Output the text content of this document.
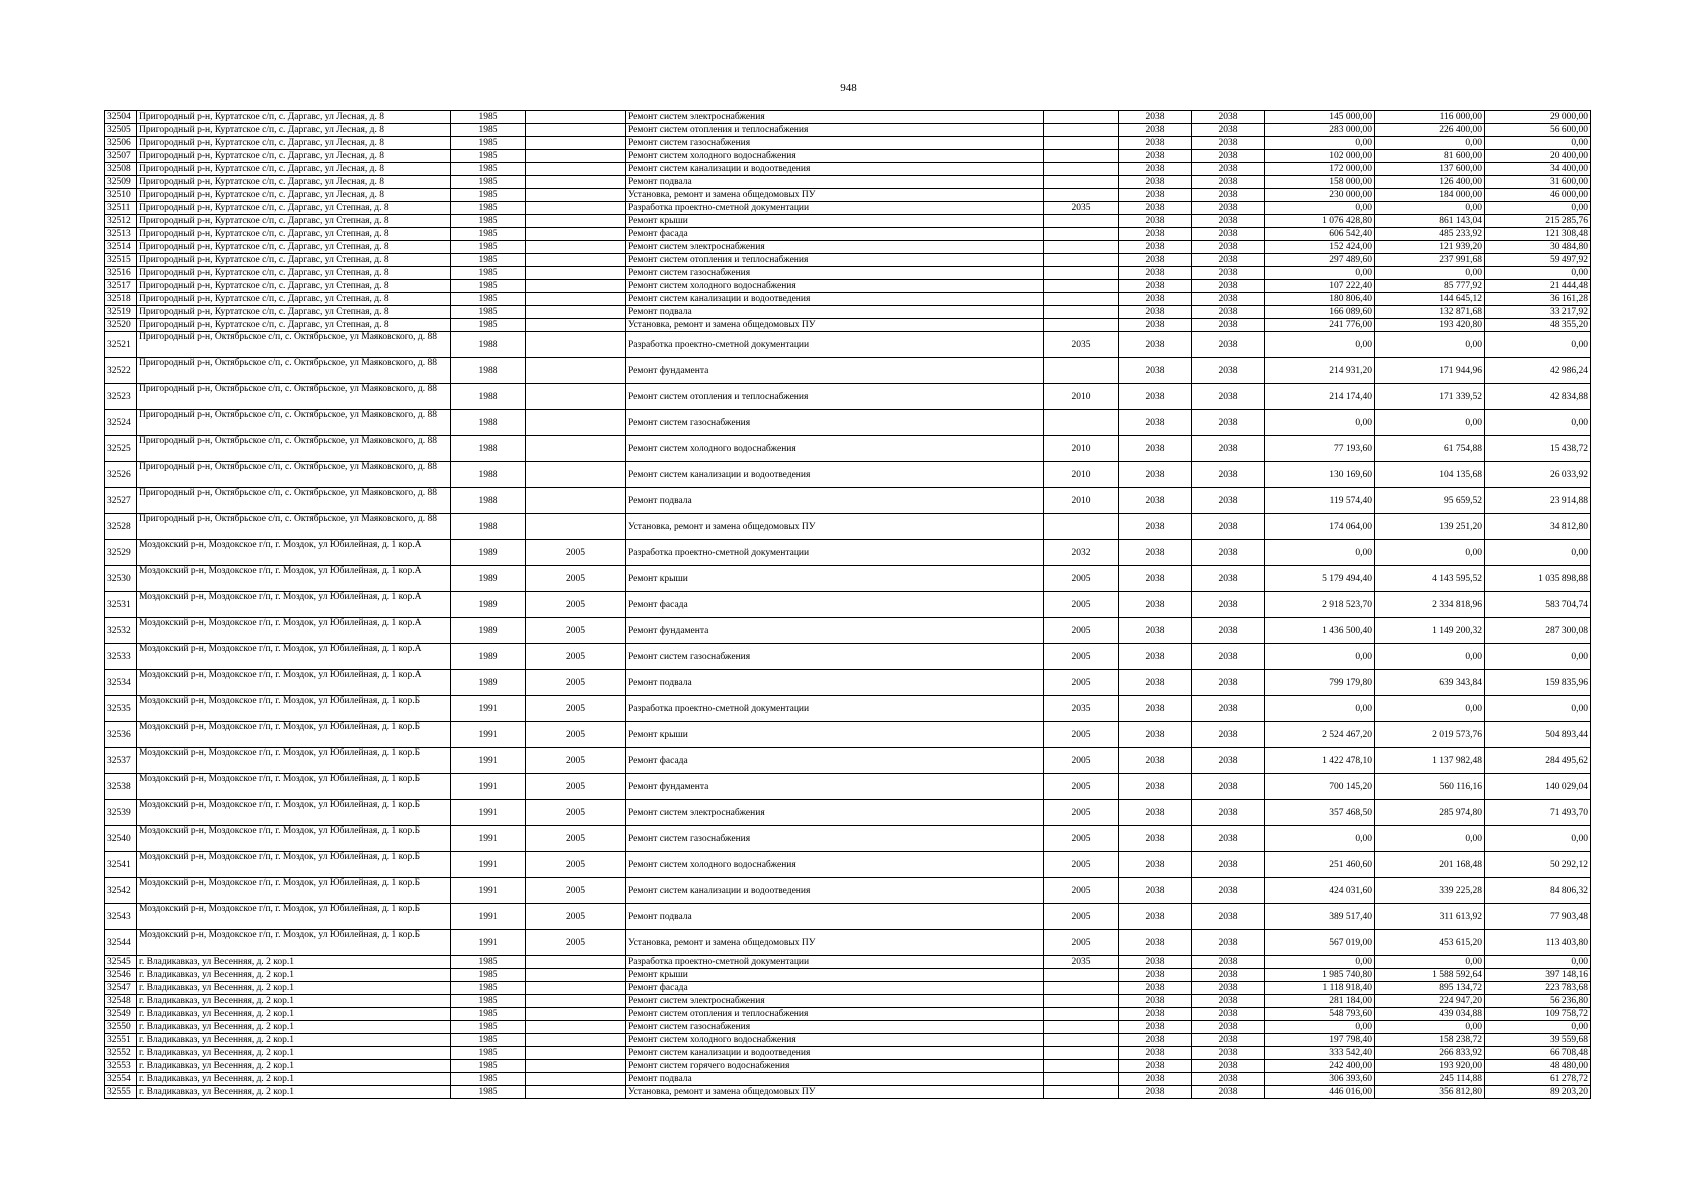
948
32504	Пригородный р-н, Куртатское с/п, с. Даргавс, ул Лесная, д. 8	1985		Ремонт систем электроснабжения		2038	2038	145 000,00	116 000,00	29 000,00
32505	Пригородный р-н, Куртатское с/п, с. Даргавс, ул Лесная, д. 8	1985		Ремонт систем отопления и теплоснабжения		2038	2038	283 000,00	226 400,00	56 600,00
32506	Пригородный р-н, Куртатское с/п, с. Даргавс, ул Лесная, д. 8	1985		Ремонт систем газоснабжения		2038	2038	0,00	0,00	0,00
32507	Пригородный р-н, Куртатское с/п, с. Даргавс, ул Лесная, д. 8	1985		Ремонт систем холодного водоснабжения		2038	2038	102 000,00	81 600,00	20 400,00
32508	Пригородный р-н, Куртатское с/п, с. Даргавс, ул Лесная, д. 8	1985		Ремонт систем канализации и водоотведения		2038	2038	172 000,00	137 600,00	34 400,00
32509	Пригородный р-н, Куртатское с/п, с. Даргавс, ул Лесная, д. 8	1985		Ремонт подвала		2038	2038	158 000,00	126 400,00	31 600,00
32510	Пригородный р-н, Куртатское с/п, с. Даргавс, ул Лесная, д. 8	1985		Установка, ремонт и замена общедомовых ПУ		2038	2038	230 000,00	184 000,00	46 000,00
32511	Пригородный р-н, Куртатское с/п, с. Даргавс, ул Степная, д. 8	1985		Разработка проектно-сметной документации	2035	2038	2038	0,00	0,00	0,00
32512	Пригородный р-н, Куртатское с/п, с. Даргавс, ул Степная, д. 8	1985		Ремонт крыши		2038	2038	1 076 428,80	861 143,04	215 285,76
32513	Пригородный р-н, Куртатское с/п, с. Даргавс, ул Степная, д. 8	1985		Ремонт фасада		2038	2038	606 542,40	485 233,92	121 308,48
32514	Пригородный р-н, Куртатское с/п, с. Даргавс, ул Степная, д. 8	1985		Ремонт систем электроснабжения		2038	2038	152 424,00	121 939,20	30 484,80
32515	Пригородный р-н, Куртатское с/п, с. Даргавс, ул Степная, д. 8	1985		Ремонт систем отопления и теплоснабжения		2038	2038	297 489,60	237 991,68	59 497,92
32516	Пригородный р-н, Куртатское с/п, с. Даргавс, ул Степная, д. 8	1985		Ремонт систем газоснабжения		2038	2038	0,00	0,00	0,00
32517	Пригородный р-н, Куртатское с/п, с. Даргавс, ул Степная, д. 8	1985		Ремонт систем холодного водоснабжения		2038	2038	107 222,40	85 777,92	21 444,48
32518	Пригородный р-н, Куртатское с/п, с. Даргавс, ул Степная, д. 8	1985		Ремонт систем канализации и водоотведения		2038	2038	180 806,40	144 645,12	36 161,28
32519	Пригородный р-н, Куртатское с/п, с. Даргавс, ул Степная, д. 8	1985		Ремонт подвала		2038	2038	166 089,60	132 871,68	33 217,92
32520	Пригородный р-н, Куртатское с/п, с. Даргавс, ул Степная, д. 8	1985		Установка, ремонт и замена общедомовых ПУ		2038	2038	241 776,00	193 420,80	48 355,20
32521	Пригородный р-н, Октябрьское с/п, с. Октябрьское, ул Маяковского, д. 88	1988		Разработка проектно-сметной документации	2035	2038	2038	0,00	0,00	0,00
32522	Пригородный р-н, Октябрьское с/п, с. Октябрьское, ул Маяковского, д. 88	1988		Ремонт фундамента		2038	2038	214 931,20	171 944,96	42 986,24
32523	Пригородный р-н, Октябрьское с/п, с. Октябрьское, ул Маяковского, д. 88	1988		Ремонт систем отопления и теплоснабжения	2010	2038	2038	214 174,40	171 339,52	42 834,88
32524	Пригородный р-н, Октябрьское с/п, с. Октябрьское, ул Маяковского, д. 88	1988		Ремонт систем газоснабжения		2038	2038	0,00	0,00	0,00
32525	Пригородный р-н, Октябрьское с/п, с. Октябрьское, ул Маяковского, д. 88	1988		Ремонт систем холодного водоснабжения	2010	2038	2038	77 193,60	61 754,88	15 438,72
32526	Пригородный р-н, Октябрьское с/п, с. Октябрьское, ул Маяковского, д. 88	1988		Ремонт систем канализации и водоотведения	2010	2038	2038	130 169,60	104 135,68	26 033,92
32527	Пригородный р-н, Октябрьское с/п, с. Октябрьское, ул Маяковского, д. 88	1988		Ремонт подвала	2010	2038	2038	119 574,40	95 659,52	23 914,88
32528	Пригородный р-н, Октябрьское с/п, с. Октябрьское, ул Маяковского, д. 88	1988		Установка, ремонт и замена общедомовых ПУ		2038	2038	174 064,00	139 251,20	34 812,80
32529	Моздокский р-н, Моздокское г/п, г. Моздок, ул Юбилейная, д. 1 кор.А	1989	2005	Разработка проектно-сметной документации	2032	2038	2038	0,00	0,00	0,00
32530	Моздокский р-н, Моздокское г/п, г. Моздок, ул Юбилейная, д. 1 кор.А	1989	2005	Ремонт крыши	2005	2038	2038	5 179 494,40	4 143 595,52	1 035 898,88
32531	Моздокский р-н, Моздокское г/п, г. Моздок, ул Юбилейная, д. 1 кор.А	1989	2005	Ремонт фасада	2005	2038	2038	2 918 523,70	2 334 818,96	583 704,74
32532	Моздокский р-н, Моздокское г/п, г. Моздок, ул Юбилейная, д. 1 кор.А	1989	2005	Ремонт фундамента	2005	2038	2038	1 436 500,40	1 149 200,32	287 300,08
32533	Моздокский р-н, Моздокское г/п, г. Моздок, ул Юбилейная, д. 1 кор.А	1989	2005	Ремонт систем газоснабжения	2005	2038	2038	0,00	0,00	0,00
32534	Моздокский р-н, Моздокское г/п, г. Моздок, ул Юбилейная, д. 1 кор.А	1989	2005	Ремонт подвала	2005	2038	2038	799 179,80	639 343,84	159 835,96
32535	Моздокский р-н, Моздокское г/п, г. Моздок, ул Юбилейная, д. 1 кор.Б	1991	2005	Разработка проектно-сметной документации	2035	2038	2038	0,00	0,00	0,00
32536	Моздокский р-н, Моздокское г/п, г. Моздок, ул Юбилейная, д. 1 кор.Б	1991	2005	Ремонт крыши	2005	2038	2038	2 524 467,20	2 019 573,76	504 893,44
32537	Моздокский р-н, Моздокское г/п, г. Моздок, ул Юбилейная, д. 1 кор.Б	1991	2005	Ремонт фасада	2005	2038	2038	1 422 478,10	1 137 982,48	284 495,62
32538	Моздокский р-н, Моздокское г/п, г. Моздок, ул Юбилейная, д. 1 кор.Б	1991	2005	Ремонт фундамента	2005	2038	2038	700 145,20	560 116,16	140 029,04
32539	Моздокский р-н, Моздокское г/п, г. Моздок, ул Юбилейная, д. 1 кор.Б	1991	2005	Ремонт систем электроснабжения	2005	2038	2038	357 468,50	285 974,80	71 493,70
32540	Моздокский р-н, Моздокское г/п, г. Моздок, ул Юбилейная, д. 1 кор.Б	1991	2005	Ремонт систем газоснабжения	2005	2038	2038	0,00	0,00	0,00
32541	Моздокский р-н, Моздокское г/п, г. Моздок, ул Юбилейная, д. 1 кор.Б	1991	2005	Ремонт систем холодного водоснабжения	2005	2038	2038	251 460,60	201 168,48	50 292,12
32542	Моздокский р-н, Моздокское г/п, г. Моздок, ул Юбилейная, д. 1 кор.Б	1991	2005	Ремонт систем канализации и водоотведения	2005	2038	2038	424 031,60	339 225,28	84 806,32
32543	Моздокский р-н, Моздокское г/п, г. Моздок, ул Юбилейная, д. 1 кор.Б	1991	2005	Ремонт подвала	2005	2038	2038	389 517,40	311 613,92	77 903,48
32544	Моздокский р-н, Моздокское г/п, г. Моздок, ул Юбилейная, д. 1 кор.Б	1991	2005	Установка, ремонт и замена общедомовых ПУ	2005	2038	2038	567 019,00	453 615,20	113 403,80
32545	г. Владикавказ, ул Весенняя, д. 2 кор.1	1985		Разработка проектно-сметной документации	2035	2038	2038	0,00	0,00	0,00
32546	г. Владикавказ, ул Весенняя, д. 2 кор.1	1985		Ремонт крыши		2038	2038	1 985 740,80	1 588 592,64	397 148,16
32547	г. Владикавказ, ул Весенняя, д. 2 кор.1	1985		Ремонт фасада		2038	2038	1 118 918,40	895 134,72	223 783,68
32548	г. Владикавказ, ул Весенняя, д. 2 кор.1	1985		Ремонт систем электроснабжения		2038	2038	281 184,00	224 947,20	56 236,80
32549	г. Владикавказ, ул Весенняя, д. 2 кор.1	1985		Ремонт систем отопления и теплоснабжения		2038	2038	548 793,60	439 034,88	109 758,72
32550	г. Владикавказ, ул Весенняя, д. 2 кор.1	1985		Ремонт систем газоснабжения		2038	2038	0,00	0,00	0,00
32551	г. Владикавказ, ул Весенняя, д. 2 кор.1	1985		Ремонт систем холодного водоснабжения		2038	2038	197 798,40	158 238,72	39 559,68
32552	г. Владикавказ, ул Весенняя, д. 2 кор.1	1985		Ремонт систем канализации и водоотведения		2038	2038	333 542,40	266 833,92	66 708,48
32553	г. Владикавказ, ул Весенняя, д. 2 кор.1	1985		Ремонт систем горячего водоснабжения		2038	2038	242 400,00	193 920,00	48 480,00
32554	г. Владикавказ, ул Весенняя, д. 2 кор.1	1985		Ремонт подвала		2038	2038	306 393,60	245 114,88	61 278,72
32555	г. Владикавказ, ул Весенняя, д. 2 кор.1	1985		Установка, ремонт и замена общедомовых ПУ		2038	2038	446 016,00	356 812,80	89 203,20
